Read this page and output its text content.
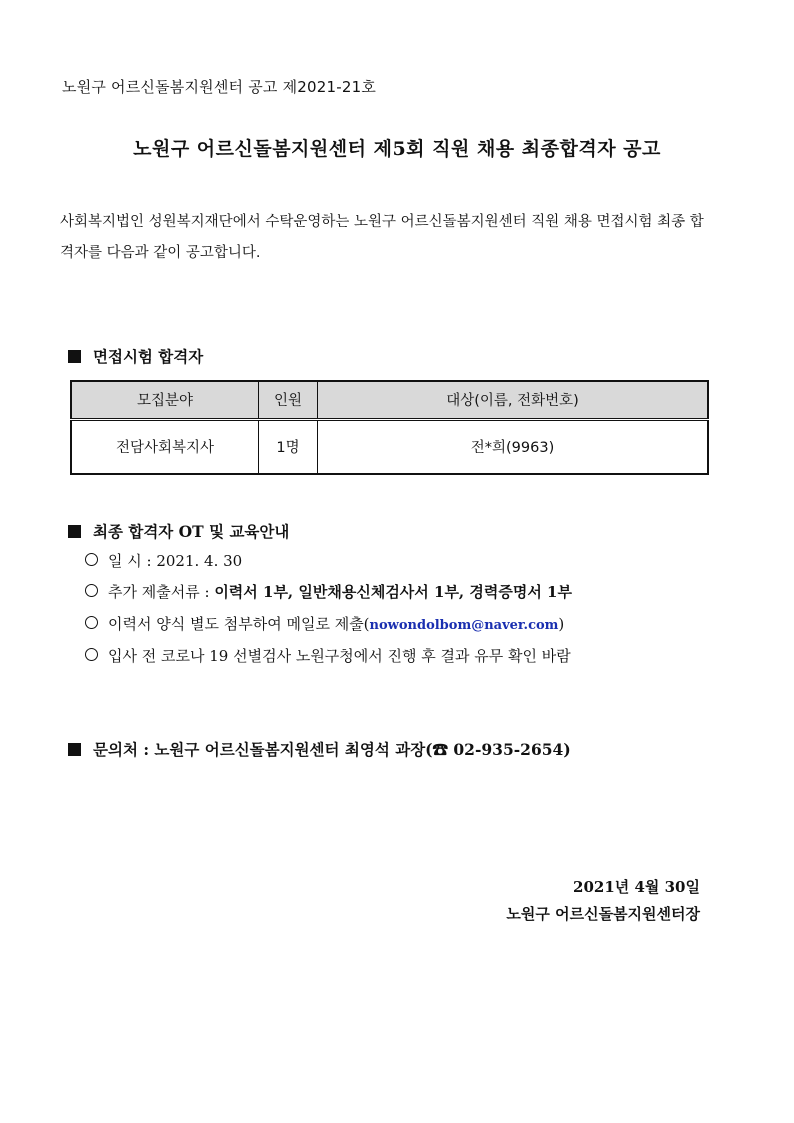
노원구 어르신돌봄지원센터 공고 제2021-21호
노원구 어르신돌봄지원센터 제5회 직원 채용 최종합격자 공고
사회복지법인 성원복지재단에서 수탁운영하는 노원구 어르신돌봄지원센터 직원 채용 면접시험 최종 합격자를 다음과 같이 공고합니다.
면접시험 합격자
모집분야	인원	대상(이름, 전화번호)
전담사회복지사	1명	전*희(9963)
최종 합격자 OT 및 교육안내
일 시 : 2021. 4. 30
추가 제출서류 : 이력서 1부, 일반채용신체검사서 1부, 경력증명서 1부
이력서 양식 별도 첨부하여 메일로 제출(nowondolbom@naver.com)
입사 전 코로나 19 선별검사 노원구청에서 진행 후 결과 유무 확인 바람
문의처 : 노원구 어르신돌봄지원센터 최영석 과장(☎ 02-935-2654)
2021년 4월 30일
노원구 어르신돌봄지원센터장
